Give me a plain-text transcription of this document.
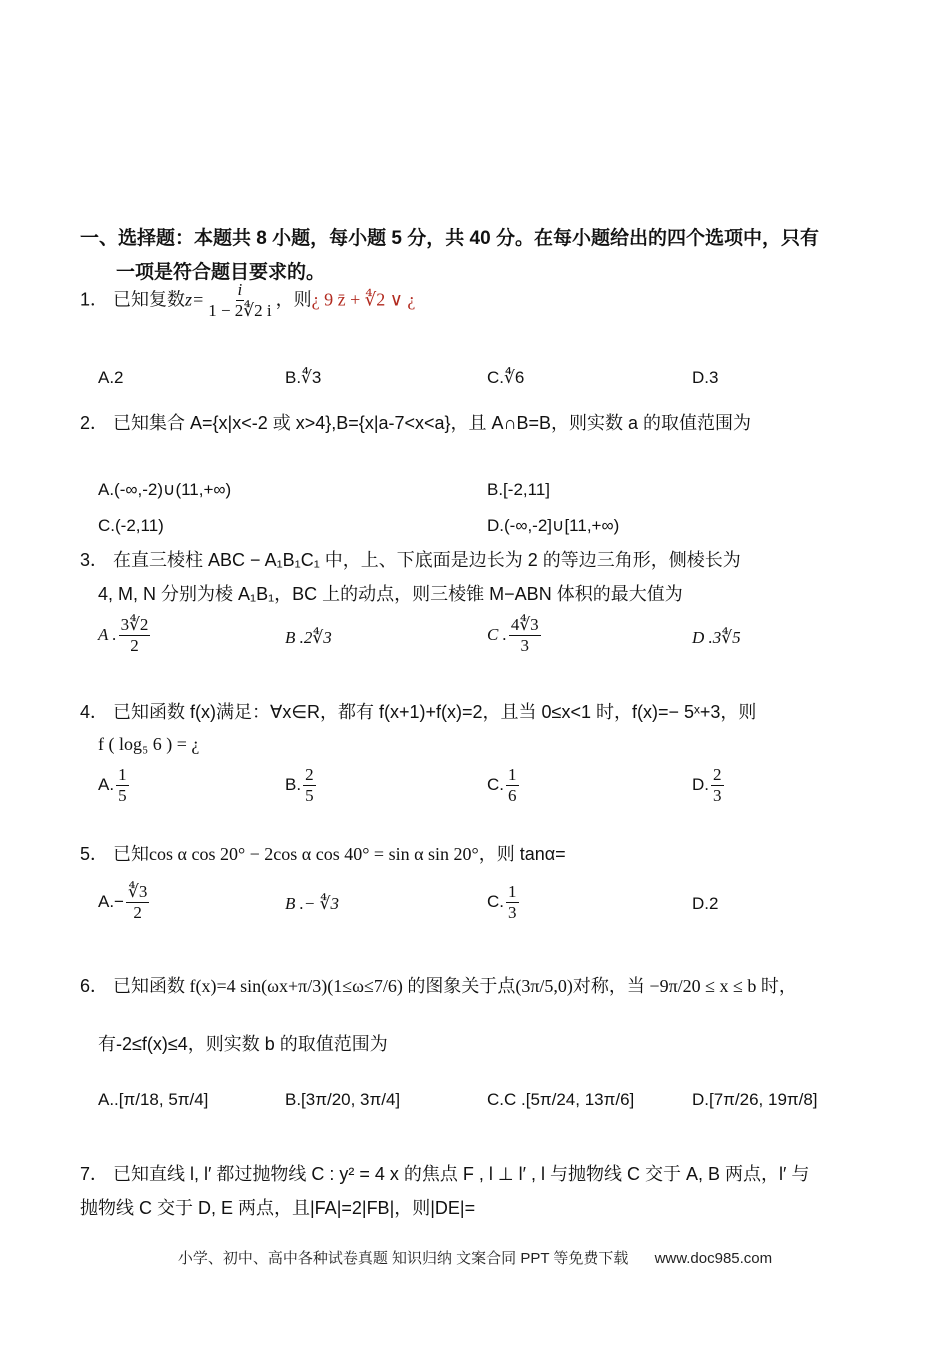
一、选择题：本题共 8 小题，每小题 5 分，共 40 分。在每小题给出的四个选项中，只有
一项是符合题目要求的。
1． 已知复数$z= \frac{i}{1 - 2∜2 i}$ ，则¿ 9 z̄ + ∜2 ∨ ¿
A.2	B.∜3	C.∜6	D.3
2． 已知集合 A={x|x<-2 或 x>4},B={x|a-7<x<a}，且 A∩B=B，则实数 a 的取值范围为
A.(-∞,-2)∪(11,+∞)	B.[-2,11]
C.(-2,11)	D.(-∞,-2]∪[11,+∞)
3． 在直三棱柱 ABC − A₁B₁C₁ 中，上、下底面是边长为 2 的等边三角形，侧棱长为
4, M, N 分别为棱 A₁B₁，BC 上的动点，则三棱锥 M−ABN 体积的最大值为
A . $\frac{3∜2}{2}$	B .2∜3	C . $\frac{4∜3}{3}$	D .3∜5
4． 已知函数 f(x)满足：∀x∈R，都有 f(x+1)+f(x)=2，且当 0≤x<1 时，f(x)=− 5ˣ+3，则
f ( log₅ 6 ) = ¿
A. $\frac{1}{5}$	B. $\frac{2}{5}$	C. $\frac{1}{6}$	D. $\frac{2}{3}$
5． 已知cos α cos 20° − 2cos α cos 40° = sin α sin 20°，则 tanα=
$A.- \frac{∜3}{2}$	B .− ∜3	C. $\frac{1}{3}$	D.2
6． 已知函数 f(x)=4 sin(ωx+π/3)(1≤ω≤7/6) 的图象关于点(3π/5,0)对称，当 −9π/20 ≤ x ≤ b 时，
有-2≤f(x)≤4，则实数 b 的取值范围为
A..[π/18, 5π/4]	B.[3π/20, 3π/4]	C.C .[5π/24, 13π/6]	D.[7π/26, 19π/8]
7． 已知直线 l, l′ 都过抛物线 C : y² = 4 x 的焦点 F , l ⊥ l′ , l 与抛物线 C 交于 A, B 两点，l′ 与
抛物线 C 交于 D, E 两点，且|FA|=2|FB|，则|DE|=
小学、初中、高中各种试卷真题 知识归纳 文案合同 PPT 等免费下载 www.doc985.com
